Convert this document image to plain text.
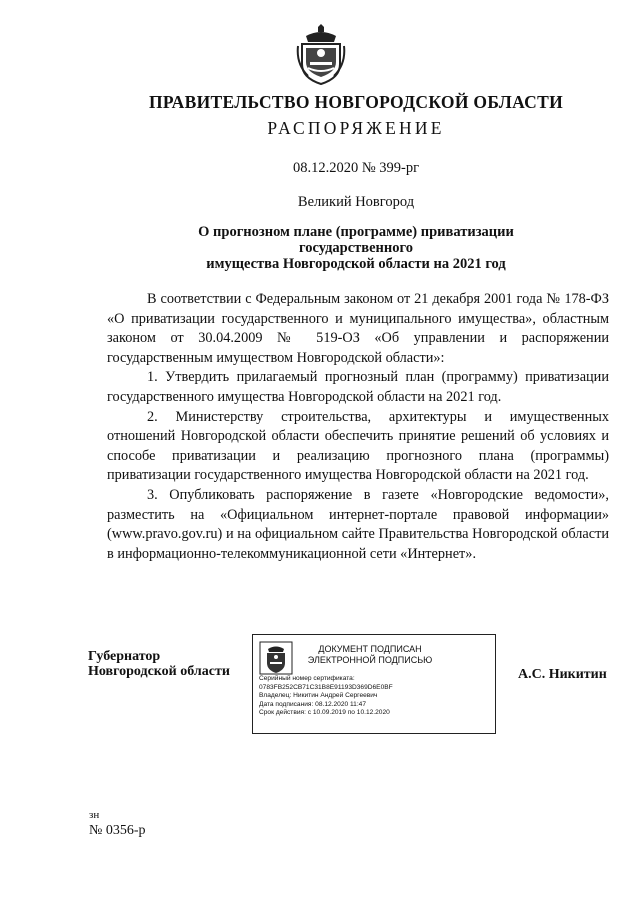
ПРАВИТЕЛЬСТВО НОВГОРОДСКОЙ ОБЛАСТИ
РАСПОРЯЖЕНИЕ
08.12.2020 № 399-рг
Великий Новгород
О прогнозном плане (программе) приватизации государственного
имущества Новгородской области на 2021 год

В соответствии с Федеральным законом от 21 декабря 2001 года № 178-ФЗ «О приватизации государственного и муниципального имущества», областным законом от 30.04.2009 № 519-ОЗ «Об управлении и распоряжении государственным имуществом Новгородской области»:

1. Утвердить прилагаемый прогнозный план (программу) приватизации государственного имущества Новгородской области на 2021 год.

2. Министерству строительства, архитектуры и имущественных отношений Новгородской области обеспечить принятие решений об условиях и способе приватизации и реализацию прогнозного плана (программы) приватизации государственного имущества Новгородской области на 2021 год.

3. Опубликовать распоряжение в газете «Новгородские ведомости», разместить на «Официальном интернет-портале правовой информации» (www.pravo.gov.ru) и на официальном сайте Правительства Новгородской области в информационно-телекоммуникационной сети «Интернет».

Губернатор
Новгородской области
ДОКУМЕНТ ПОДПИСАН
ЭЛЕКТРОННОЙ ПОДПИСЬЮ
Серийный номер сертификата:
0783FB252CB71C31B8E91193D369D6E0BF
Владелец: Никитин Андрей Сергеевич
Дата подписания: 08.12.2020 11:47
Срок действия: с 10.09.2019 по 10.12.2020
А.С. Никитин
зн
№ 0356-р
